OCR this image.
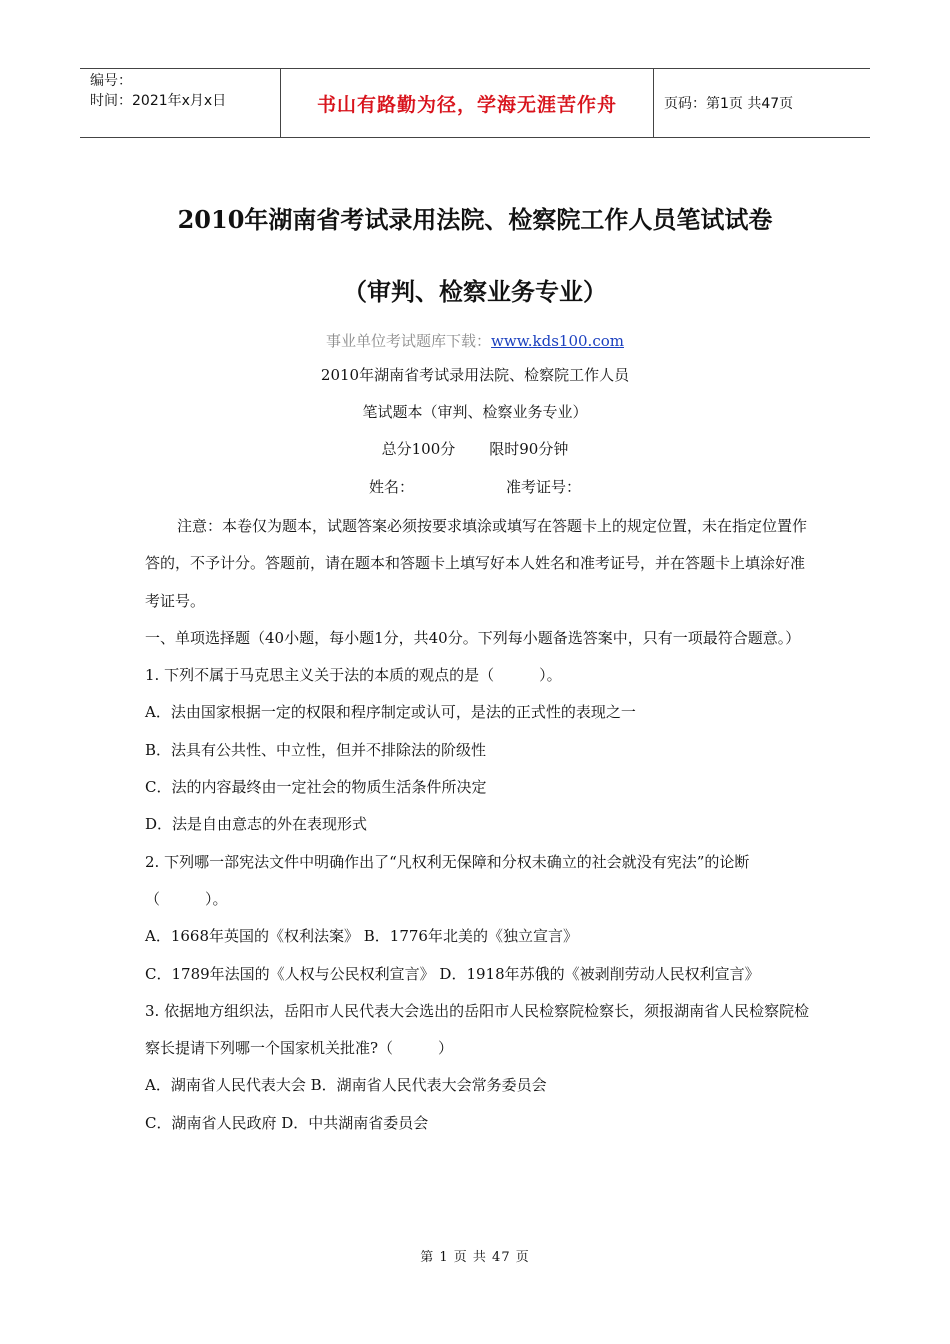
编号：
时间：2021年x月x日	书山有路勤为径，学海无涯苦作舟	页码：第1页 共47页
2010年湖南省考试录用法院、检察院工作人员笔试试卷
（审判、检察业务专业）
事业单位考试题库下载：www.kds100.com
2010年湖南省考试录用法院、检察院工作人员
笔试题本（审判、检察业务专业）
总分100分 限时90分钟
姓名：	准考证号：

注意：本卷仅为题本，试题答案必须按要求填涂或填写在答题卡上的规定位置，未在指定位置作答的，不予计分。答题前，请在题本和答题卡上填写好本人姓名和准考证号，并在答题卡上填涂好准考证号。

一、单项选择题（40小题，每小题1分，共40分。下列每小题备选答案中，只有一项最符合题意。）

1. 下列不属于马克思主义关于法的本质的观点的是（　　　）。

A．法由国家根据一定的权限和程序制定或认可，是法的正式性的表现之一

B．法具有公共性、中立性，但并不排除法的阶级性

C．法的内容最终由一定社会的物质生活条件所决定

D．法是自由意志的外在表现形式

2. 下列哪一部宪法文件中明确作出了“凡权利无保障和分权未确立的社会就没有宪法”的论断（　　　）。

A．1668年英国的《权利法案》 B．1776年北美的《独立宣言》

C．1789年法国的《人权与公民权利宣言》 D．1918年苏俄的《被剥削劳动人民权利宣言》

3. 依据地方组织法，岳阳市人民代表大会选出的岳阳市人民检察院检察长，须报湖南省人民检察院检察长提请下列哪一个国家机关批准?（　　　）

A．湖南省人民代表大会 B．湖南省人民代表大会常务委员会

C．湖南省人民政府 D．中共湖南省委员会

第 1 页 共 47 页
